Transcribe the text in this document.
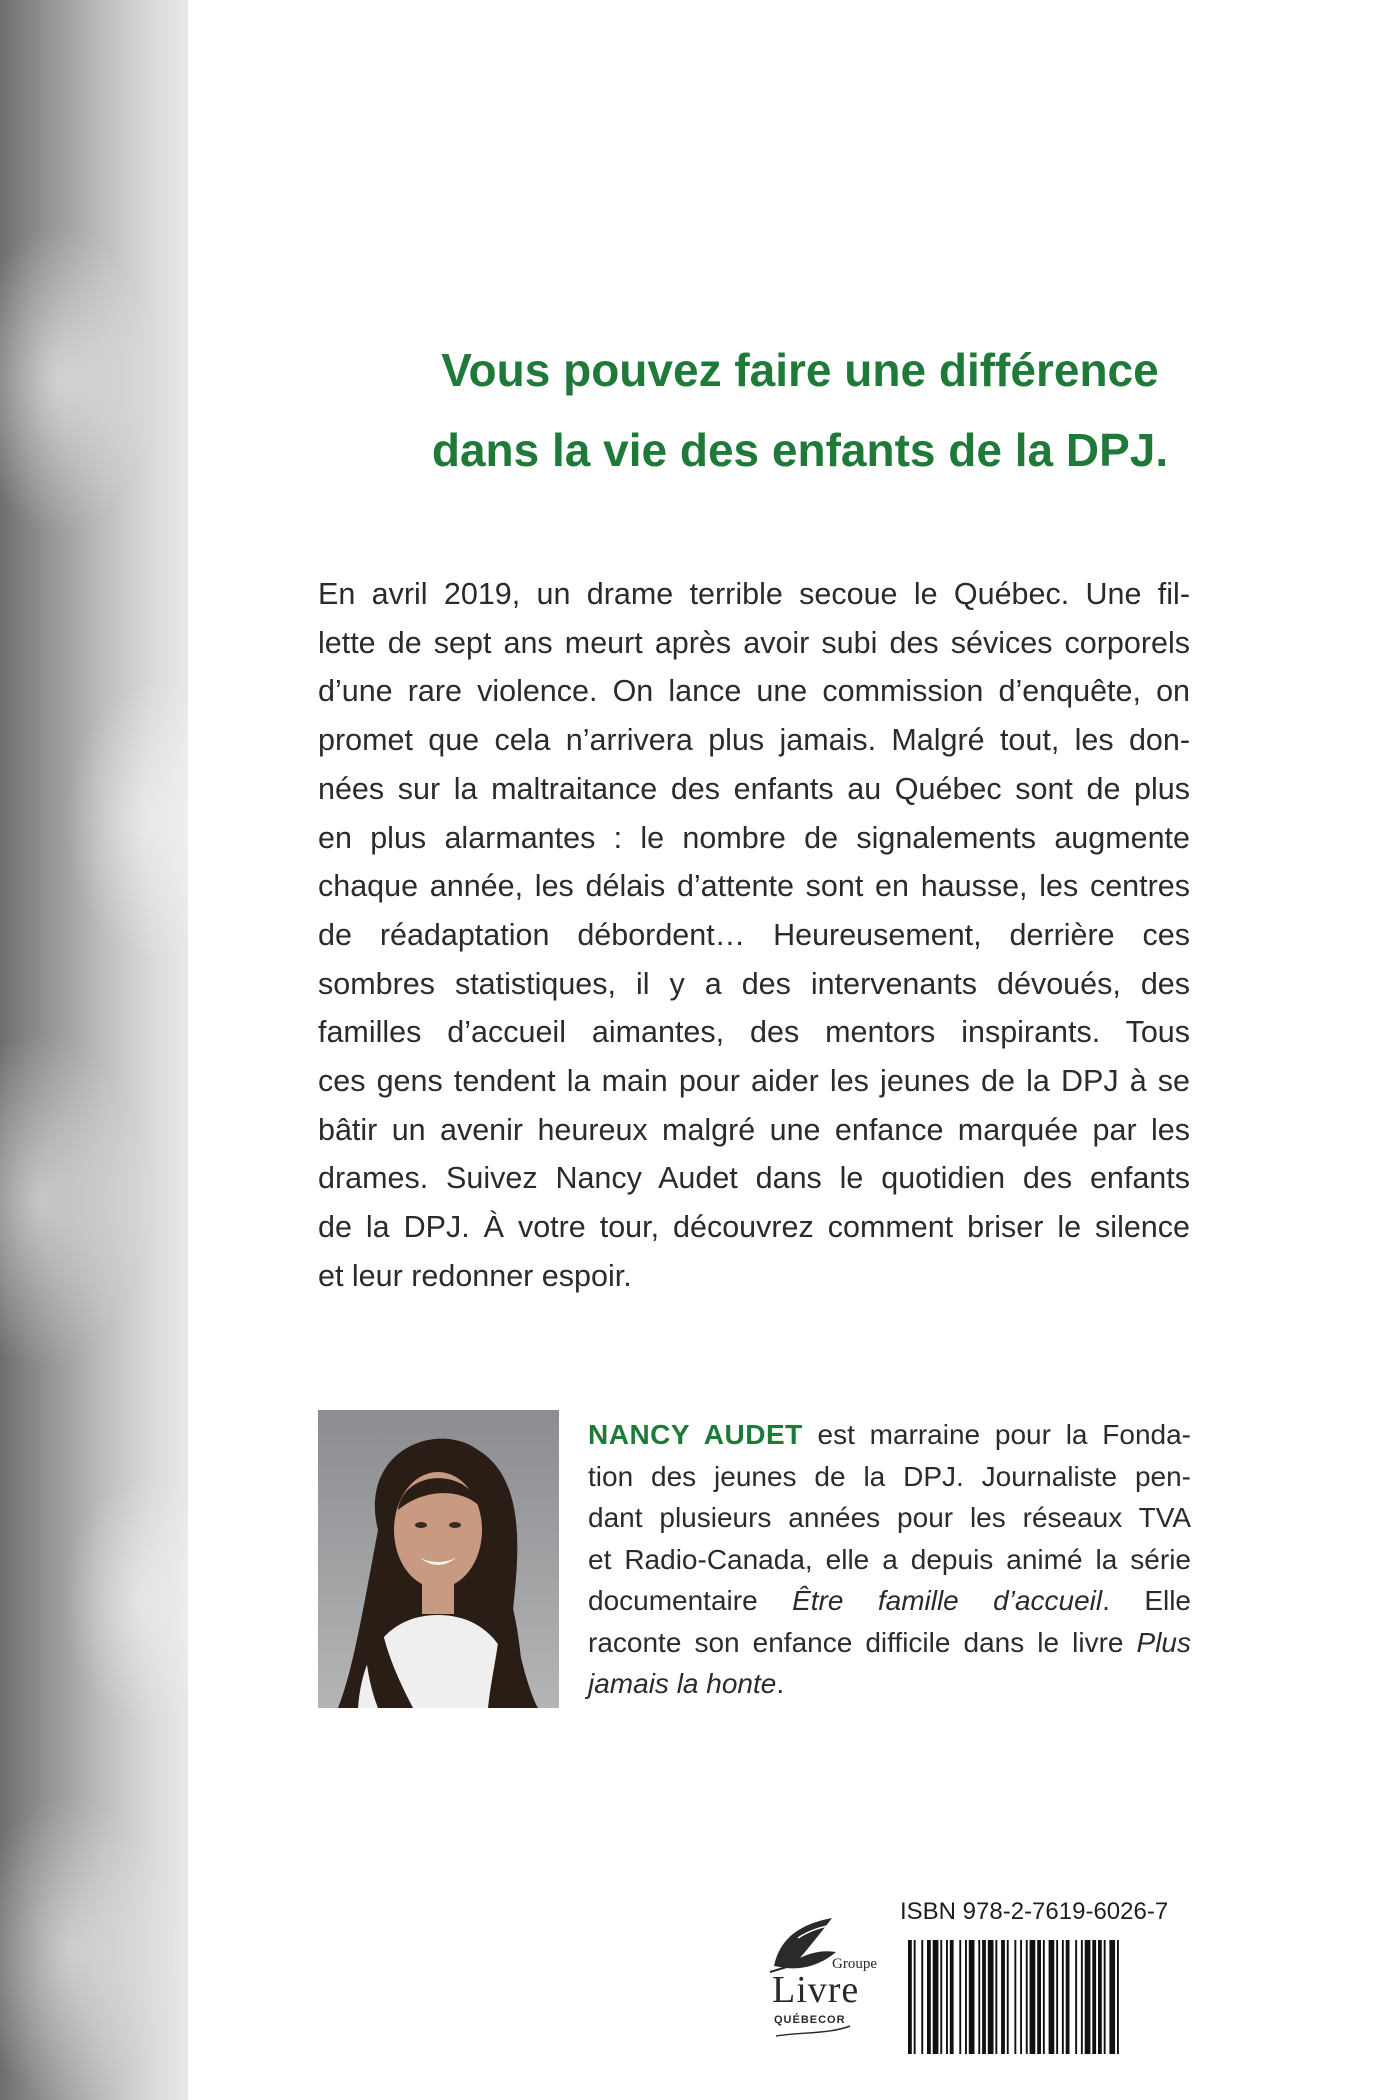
Vous pouvez faire une différence
dans la vie des enfants de la DPJ.
En avril 2019, un drame terrible secoue le Québec. Une fil-
lette de sept ans meurt après avoir subi des sévices corporels
d’une rare violence. On lance une commission d’enquête, on
promet que cela n’arrivera plus jamais. Malgré tout, les don-
nées sur la maltraitance des enfants au Québec sont de plus
en plus alarmantes : le nombre de signalements augmente
chaque année, les délais d’attente sont en hausse, les centres
de réadaptation débordent… Heureusement, derrière ces
sombres statistiques, il y a des intervenants dévoués, des
familles d’accueil aimantes, des mentors inspirants. Tous
ces gens tendent la main pour aider les jeunes de la DPJ à se
bâtir un avenir heureux malgré une enfance marquée par les
drames. Suivez Nancy Audet dans le quotidien des enfants
de la DPJ. À votre tour, découvrez comment briser le silence
et leur redonner espoir.
NANCY AUDET est marraine pour la Fonda-
tion des jeunes de la DPJ. Journaliste pen-
dant plusieurs années pour les réseaux TVA
et Radio-Canada, elle a depuis animé la série
documentaire Être famille d’accueil. Elle
raconte son enfance difficile dans le livre Plus
jamais la honte.
Groupe
Livre
QUÉBECOR
ISBN 978-2-7619-6026-7
